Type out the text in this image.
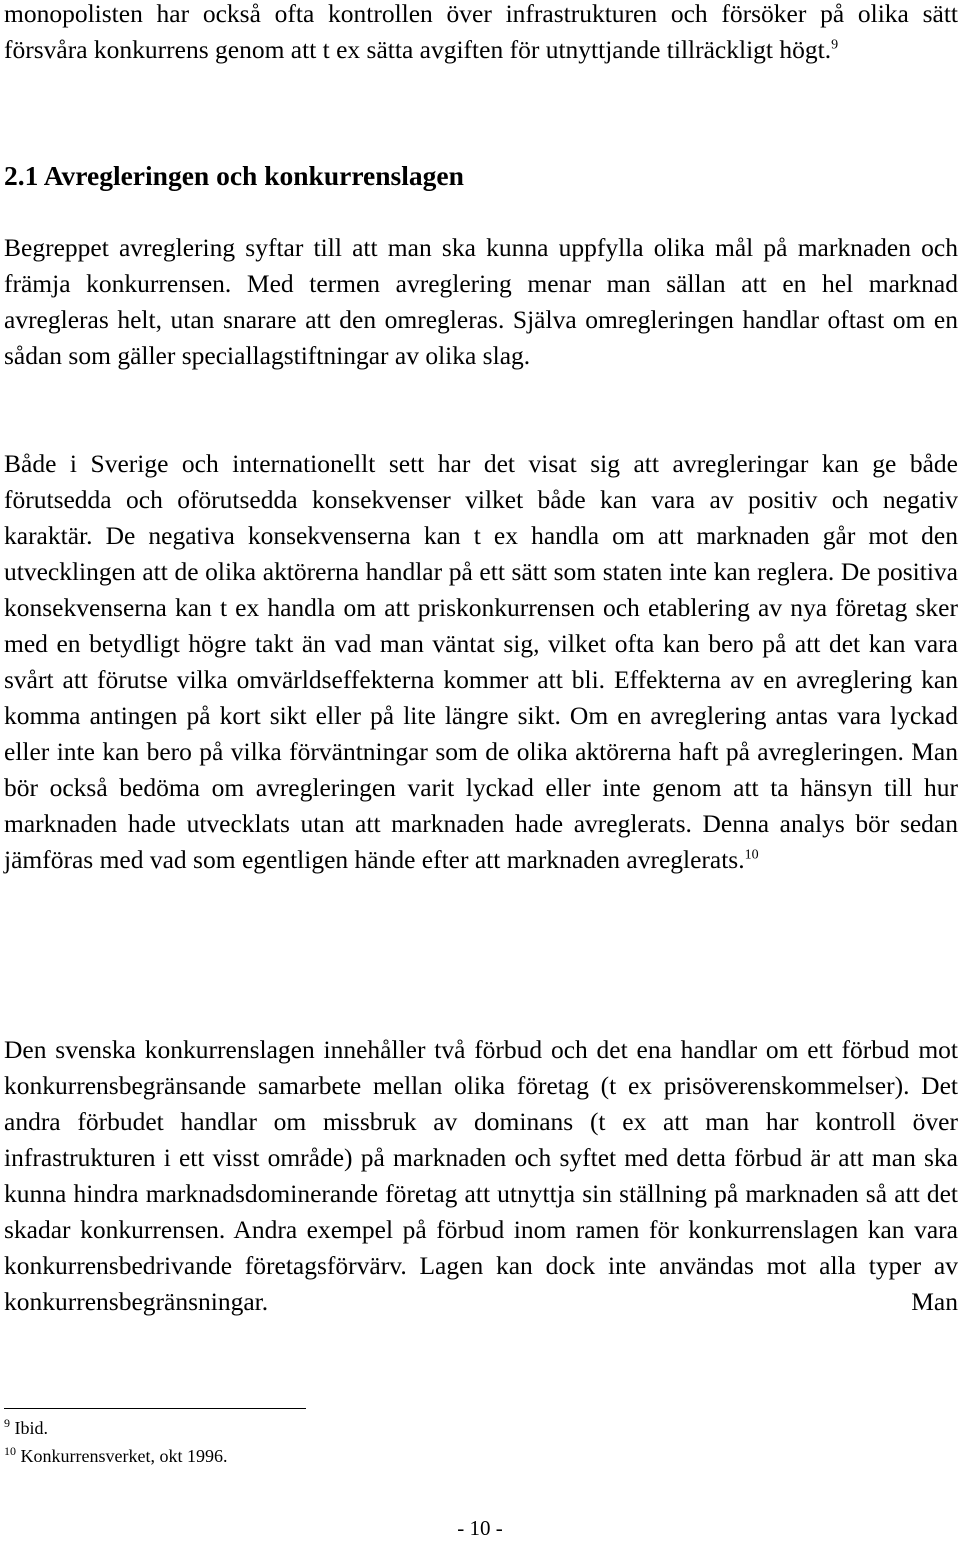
monopolisten har också ofta kontrollen över infrastrukturen och försöker på olika sätt försvåra konkurrens genom att t ex sätta avgiften för utnyttjande tillräckligt högt.$^9$

2.1 Avregleringen och konkurrenslagen

Begreppet avreglering syftar till att man ska kunna uppfylla olika mål på marknaden och främja konkurrensen. Med termen avreglering menar man sällan att en hel marknad avregleras helt, utan snarare att den omregleras. Själva omregleringen handlar oftast om en sådan som gäller speciallagstiftningar av olika slag.

Både i Sverige och internationellt sett har det visat sig att avregleringar kan ge både förutsedda och oförutsedda konsekvenser vilket både kan vara av positiv och negativ karaktär. De negativa konsekvenserna kan t ex handla om att marknaden går mot den utvecklingen att de olika aktörerna handlar på ett sätt som staten inte kan reglera. De positiva konsekvenserna kan t ex handla om att priskonkurrensen och etablering av nya företag sker med en betydligt högre takt än vad man väntat sig, vilket ofta kan bero på att det kan vara svårt att förutse vilka omvärldseffekterna kommer att bli. Effekterna av en avreglering kan komma antingen på kort sikt eller på lite längre sikt. Om en avreglering antas vara lyckad eller inte kan bero på vilka förväntningar som de olika aktörerna haft på avregleringen. Man bör också bedöma om avregleringen varit lyckad eller inte genom att ta hänsyn till hur marknaden hade utvecklats utan att marknaden hade avreglerats. Denna analys bör sedan jämföras med vad som egentligen hände efter att marknaden avreglerats.$^{10}$

Den svenska konkurrenslagen innehåller två förbud och det ena handlar om ett förbud mot konkurrensbegränsande samarbete mellan olika företag (t ex prisöverenskommelser). Det andra förbudet handlar om missbruk av dominans (t ex att man har kontroll över infrastrukturen i ett visst område) på marknaden och syftet med detta förbud är att man ska kunna hindra marknadsdominerande företag att utnyttja sin ställning på marknaden så att det skadar konkurrensen. Andra exempel på förbud inom ramen för konkurrenslagen kan vara konkurrensbedrivande företagsförvärv. Lagen kan dock inte användas mot alla typer av konkurrensbegränsningar. Man

$^9$ Ibid.

$^{10}$ Konkurrensverket, okt 1996.

- 10 -
